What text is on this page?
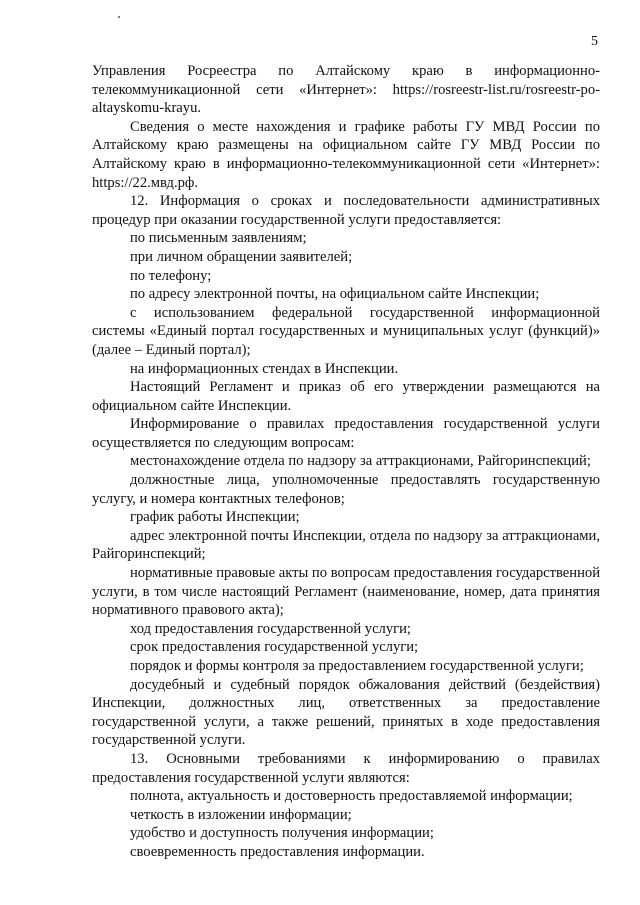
5

Управления Росреестра по Алтайскому краю в информационно-телекоммуникационной сети «Интернет»: https://rosreestr-list.ru/rosreestr-po-altayskomu-krayu.

Сведения о месте нахождения и графике работы ГУ МВД России по Алтайскому краю размещены на официальном сайте ГУ МВД России по Алтайскому краю в информационно-телекоммуникационной сети «Интернет»: https://22.мвд.рф.

12. Информация о сроках и последовательности административных процедур при оказании государственной услуги предоставляется:

по письменным заявлениям;

при личном обращении заявителей;

по телефону;

по адресу электронной почты, на официальном сайте Инспекции;

с использованием федеральной государственной информационной системы «Единый портал государственных и муниципальных услуг (функций)» (далее – Единый портал);

на информационных стендах в Инспекции.

Настоящий Регламент и приказ об его утверждении размещаются на официальном сайте Инспекции.

Информирование о правилах предоставления государственной услуги осуществляется по следующим вопросам:

местонахождение отдела по надзору за аттракционами, Райгоринспекций;

должностные лица, уполномоченные предоставлять государственную услугу, и номера контактных телефонов;

график работы Инспекции;

адрес электронной почты Инспекции, отдела по надзору за аттракционами, Райгоринспекций;

нормативные правовые акты по вопросам предоставления государственной услуги, в том числе настоящий Регламент (наименование, номер, дата принятия нормативного правового акта);

ход предоставления государственной услуги;

срок предоставления государственной услуги;

порядок и формы контроля за предоставлением государственной услуги;

досудебный и судебный порядок обжалования действий (бездействия) Инспекции, должностных лиц, ответственных за предоставление государственной услуги, а также решений, принятых в ходе предоставления государственной услуги.

13. Основными требованиями к информированию о правилах предоставления государственной услуги являются:

полнота, актуальность и достоверность предоставляемой информации;

четкость в изложении информации;

удобство и доступность получения информации;

своевременность предоставления информации.
